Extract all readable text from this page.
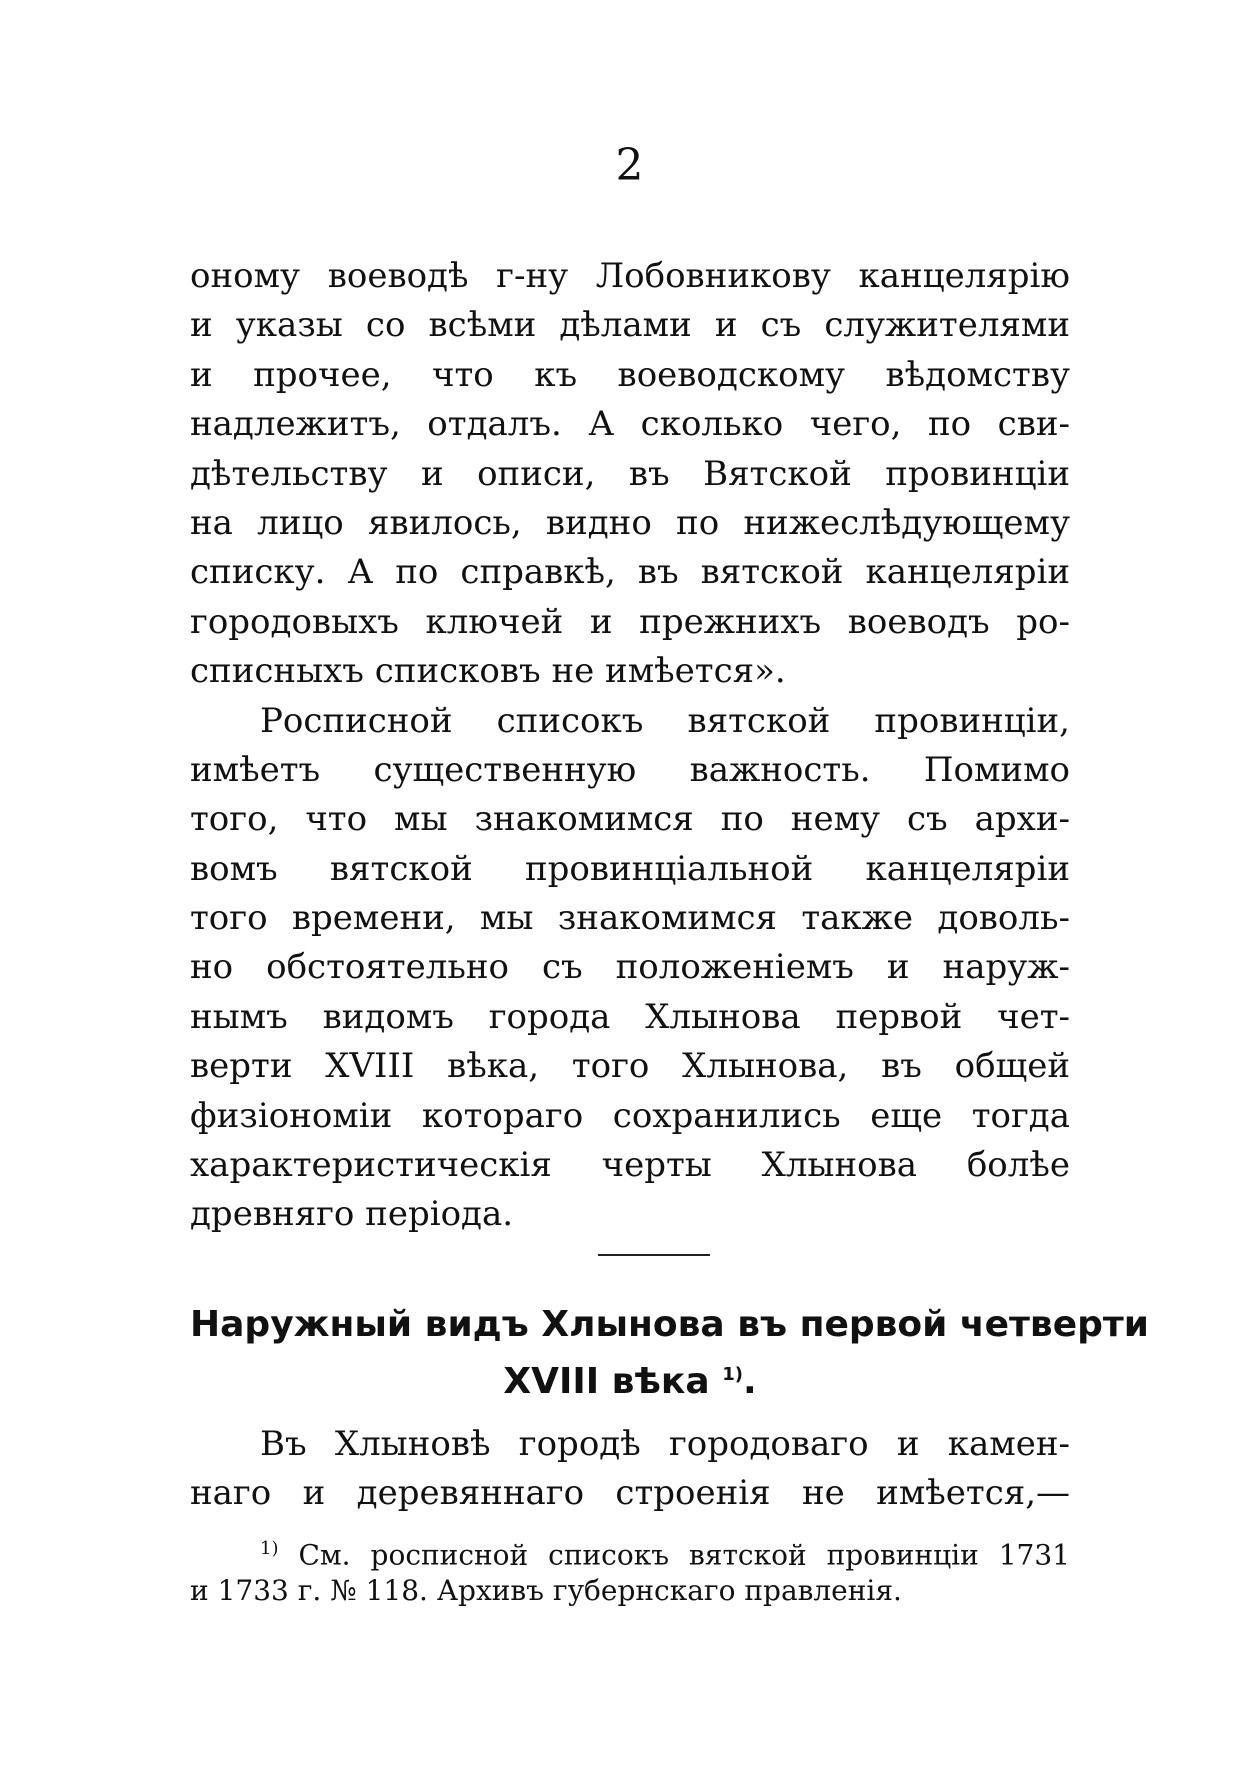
2
оному воеводѣ г-ну Лобовникову канцелярію
и указы со всѣми дѣлами и съ служителями
и прочее, что къ воеводскому вѣдомству
надлежитъ, отдалъ. А сколько чего, по сви-
дѣтельству и описи, въ Вятской провинціи
на лицо явилось, видно по нижеслѣдующему
списку. А по справкѣ, въ вятской канцеляріи
городовыхъ ключей и прежнихъ воеводъ ро-
списныхъ списковъ не имѣется».
Росписной списокъ вятской провинціи,
имѣетъ существенную важность. Помимо
того, что мы знакомимся по нему съ архи-
вомъ вятской провинціальной канцеляріи
того времени, мы знакомимся также доволь-
но обстоятельно съ положеніемъ и наруж-
нымъ видомъ города Хлынова первой чет-
верти XVIII вѣка, того Хлынова, въ общей
физіономіи котораго сохранились еще тогда
характеристическія черты Хлынова болѣе
древняго періода.
Наружный видъ Хлынова въ первой четверти
XVIII вѣка $^{1)}$.
Въ Хлыновѣ городѣ городоваго и камен-
наго и деревяннаго строенія не имѣется,—
$^{1)}$ См. росписной списокъ вятской провинціи 1731
и 1733 г. № 118. Архивъ губернскаго правленія.
